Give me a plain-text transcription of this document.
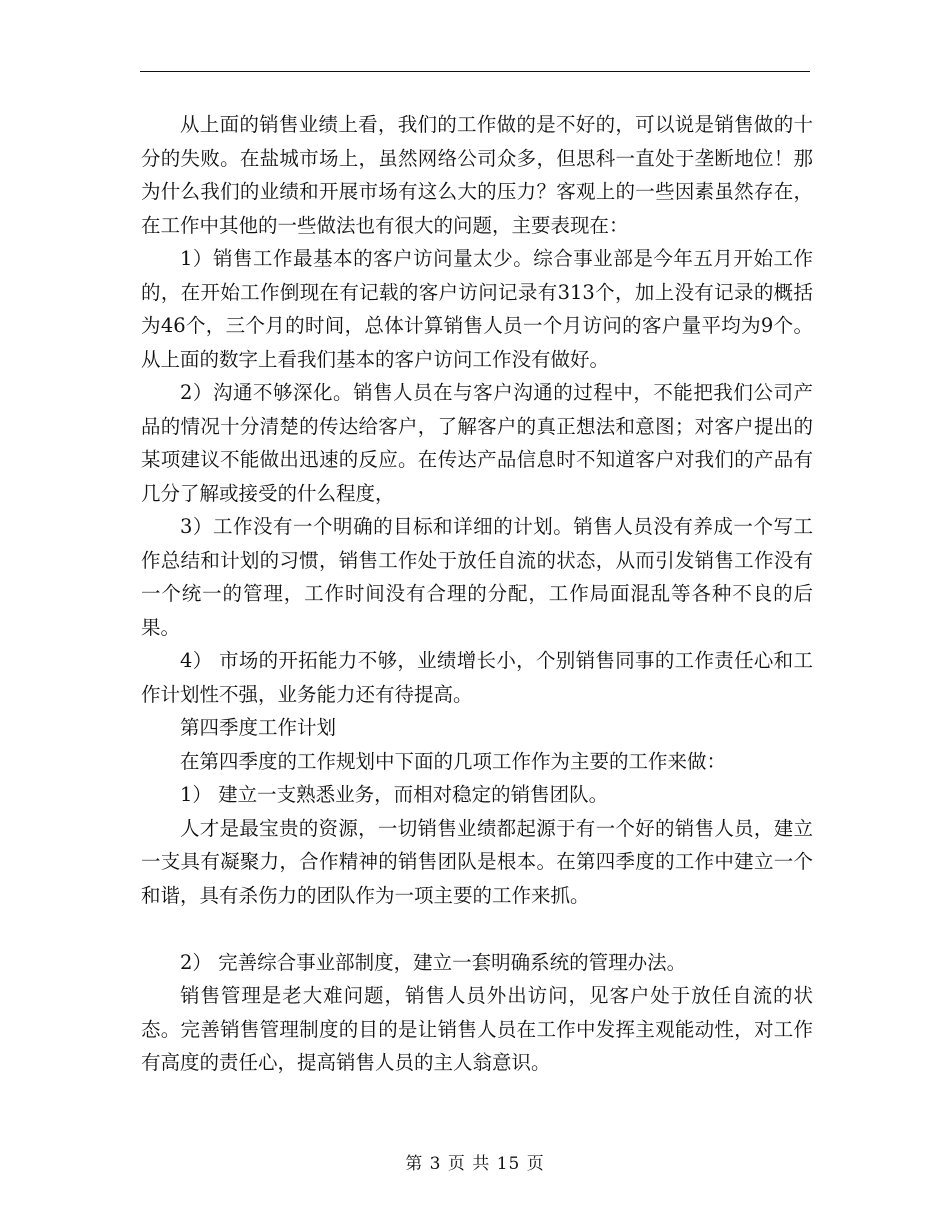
从上面的销售业绩上看，我们的工作做的是不好的，可以说是销售做的十分的失败。在盐城市场上，虽然网络公司众多，但思科一直处于垄断地位！那为什么我们的业绩和开展市场有这么大的压力？客观上的一些因素虽然存在，在工作中其他的一些做法也有很大的问题，主要表现在：

1）销售工作最基本的客户访问量太少。综合事业部是今年五月开始工作的，在开始工作倒现在有记载的客户访问记录有313个，加上没有记录的概括为46个，三个月的时间，总体计算销售人员一个月访问的客户量平均为9个。从上面的数字上看我们基本的客户访问工作没有做好。

2）沟通不够深化。销售人员在与客户沟通的过程中，不能把我们公司产品的情况十分清楚的传达给客户，了解客户的真正想法和意图；对客户提出的某项建议不能做出迅速的反应。在传达产品信息时不知道客户对我们的产品有几分了解或接受的什么程度，

3）工作没有一个明确的目标和详细的计划。销售人员没有养成一个写工作总结和计划的习惯，销售工作处于放任自流的状态，从而引发销售工作没有一个统一的管理，工作时间没有合理的分配，工作局面混乱等各种不良的后果。

4） 市场的开拓能力不够，业绩增长小，个别销售同事的工作责任心和工作计划性不强，业务能力还有待提高。

第四季度工作计划

在第四季度的工作规划中下面的几项工作作为主要的工作来做：

1） 建立一支熟悉业务，而相对稳定的销售团队。

人才是最宝贵的资源，一切销售业绩都起源于有一个好的销售人员，建立一支具有凝聚力，合作精神的销售团队是根本。在第四季度的工作中建立一个和谐，具有杀伤力的团队作为一项主要的工作来抓。

2） 完善综合事业部制度，建立一套明确系统的管理办法。

销售管理是老大难问题，销售人员外出访问，见客户处于放任自流的状态。完善销售管理制度的目的是让销售人员在工作中发挥主观能动性，对工作有高度的责任心，提高销售人员的主人翁意识。

第 3 页 共 15 页
